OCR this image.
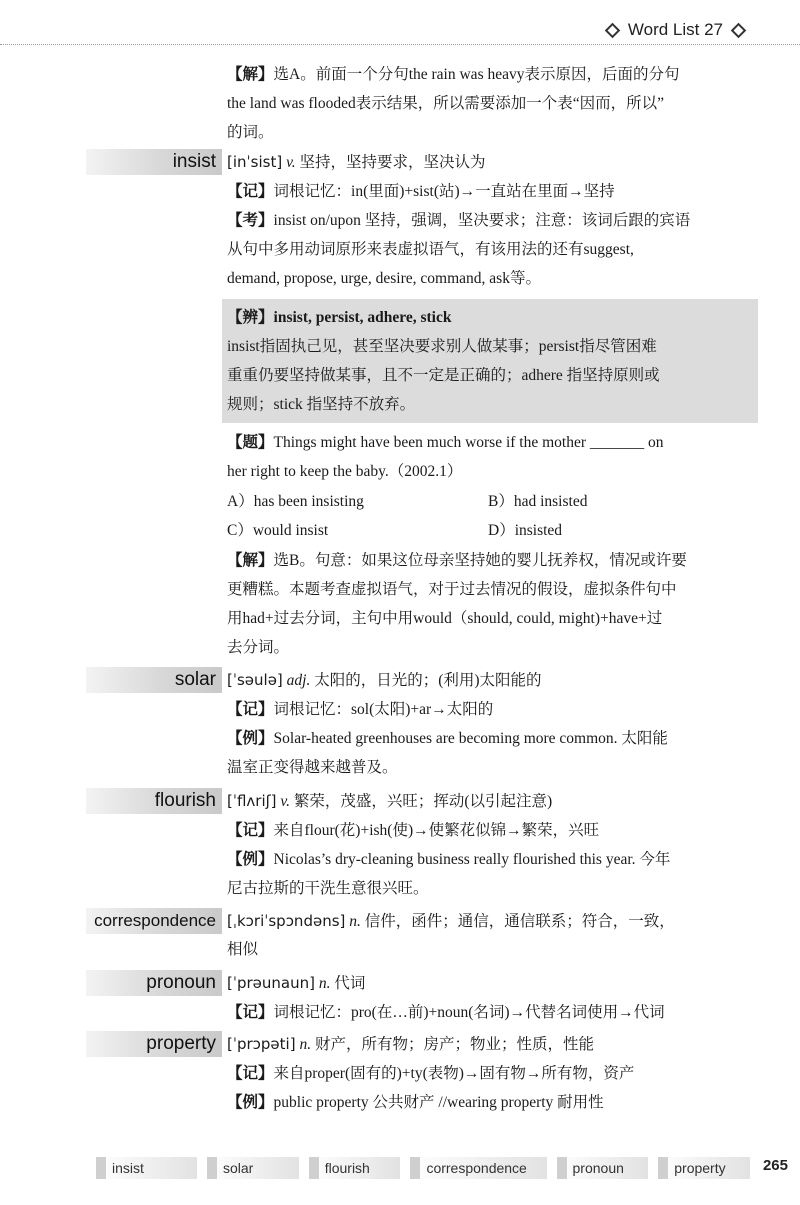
Word List 27
【解】选A。前面一个分句the rain was heavy表示原因，后面的分句
the land was flooded表示结果，所以需要添加一个表“因而，所以”
的词。
insist [inˈsist] v. 坚持，坚持要求，坚决认为
【记】词根记忆：in(里面)+sist(站)→一直站在里面→坚持
【考】insist on/upon 坚持，强调，坚决要求；注意：该词后跟的宾语
从句中多用动词原形来表虚拟语气，有该用法的还有suggest,
demand, propose, urge, desire, command, ask等。
【辨】insist, persist, adhere, stick
insist指固执己见，甚至坚决要求别人做某事；persist指尽管困难
重重仍要坚持做某事，且不一定是正确的；adhere 指坚持原则或
规则；stick 指坚持不放弃。
【题】Things might have been much worse if the mother _______ on
her right to keep the baby.（2002.1）
A）has been insisting	B）had insisted
C）would insist	D）insisted
【解】选B。句意：如果这位母亲坚持她的婴儿抚养权，情况或许要
更糟糕。本题考查虚拟语气，对于过去情况的假设，虚拟条件句中
用had+过去分词，主句中用would（should, could, might)+have+过
去分词。
solar [ˈsəulə] adj. 太阳的，日光的；(利用)太阳能的
【记】词根记忆：sol(太阳)+ar→太阳的
【例】Solar-heated greenhouses are becoming more common. 太阳能
温室正变得越来越普及。
flourish [ˈflʌriʃ] v. 繁荣，茂盛，兴旺；挥动(以引起注意)
【记】来自flour(花)+ish(使)→使繁花似锦→繁荣，兴旺
【例】Nicolas’s dry-cleaning business really flourished this year. 今年
尼古拉斯的干洗生意很兴旺。
correspondence [ˌkɔriˈspɔndəns] n. 信件，函件；通信，通信联系；符合，一致，
相似
pronoun [ˈprəunaun] n. 代词
【记】词根记忆：pro(在…前)+noun(名词)→代替名词使用→代词
property [ˈprɔpəti] n. 财产，所有物；房产；物业；性质，性能
【记】来自proper(固有的)+ty(表物)→固有物→所有物，资产
【例】public property 公共财产 //wearing property 耐用性
insist	solar	flourish	correspondence	pronoun	property	265
